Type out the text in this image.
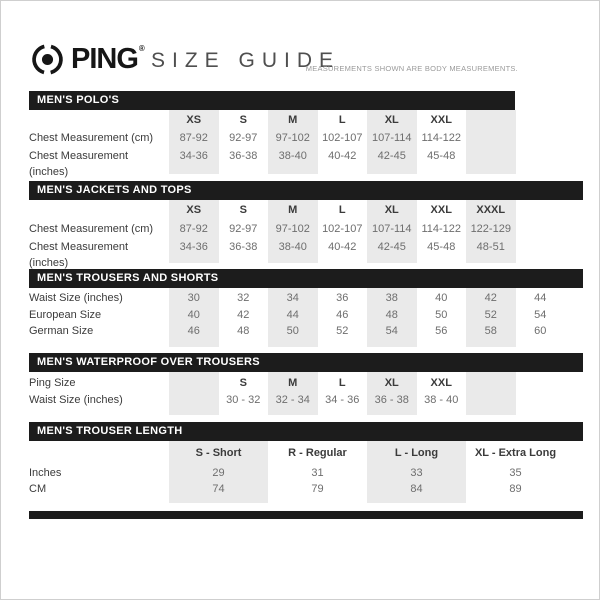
PING ®
SIZE GUIDE
MEASUREMENTS SHOWN ARE BODY MEASUREMENTS.
MEN'S POLO'S
XS	S	M	L	XL	XXL
Chest Measurement (cm)	87-92	92-97	97-102	102-107 107-114 114-122
Chest Measurement (inches)
34-36	36-38	38-40	40-42	42-45	45-48
MEN'S JACKETS AND TOPS
XS	S	M	L	XL	XXL	XXXL
Chest Measurement (cm)	87-92	92-97	97-102	102-107 107-114 114-122 122-129
Chest Measurement (inches)
34-36	36-38	38-40	40-42	42-45	45-48	48-51
MEN'S TROUSERS AND SHORTS
Waist Size (inches)	30	32	34	36	38	40	42	44
European Size	40	42	44	46	48	50	52	54
German Size	46	48	50	52	54	56	58	60
MEN'S WATERPROOF OVER TROUSERS
Ping Size	S	M	L	XL	XXL
Waist Size (inches)	30 - 32	32 - 34	34 - 36	36 - 38	38 - 40
MEN'S TROUSER LENGTH
S - Short	R - Regular	L - Long	XL - Extra Long
Inches	29	31	33	35
CM	74	79	84	89
